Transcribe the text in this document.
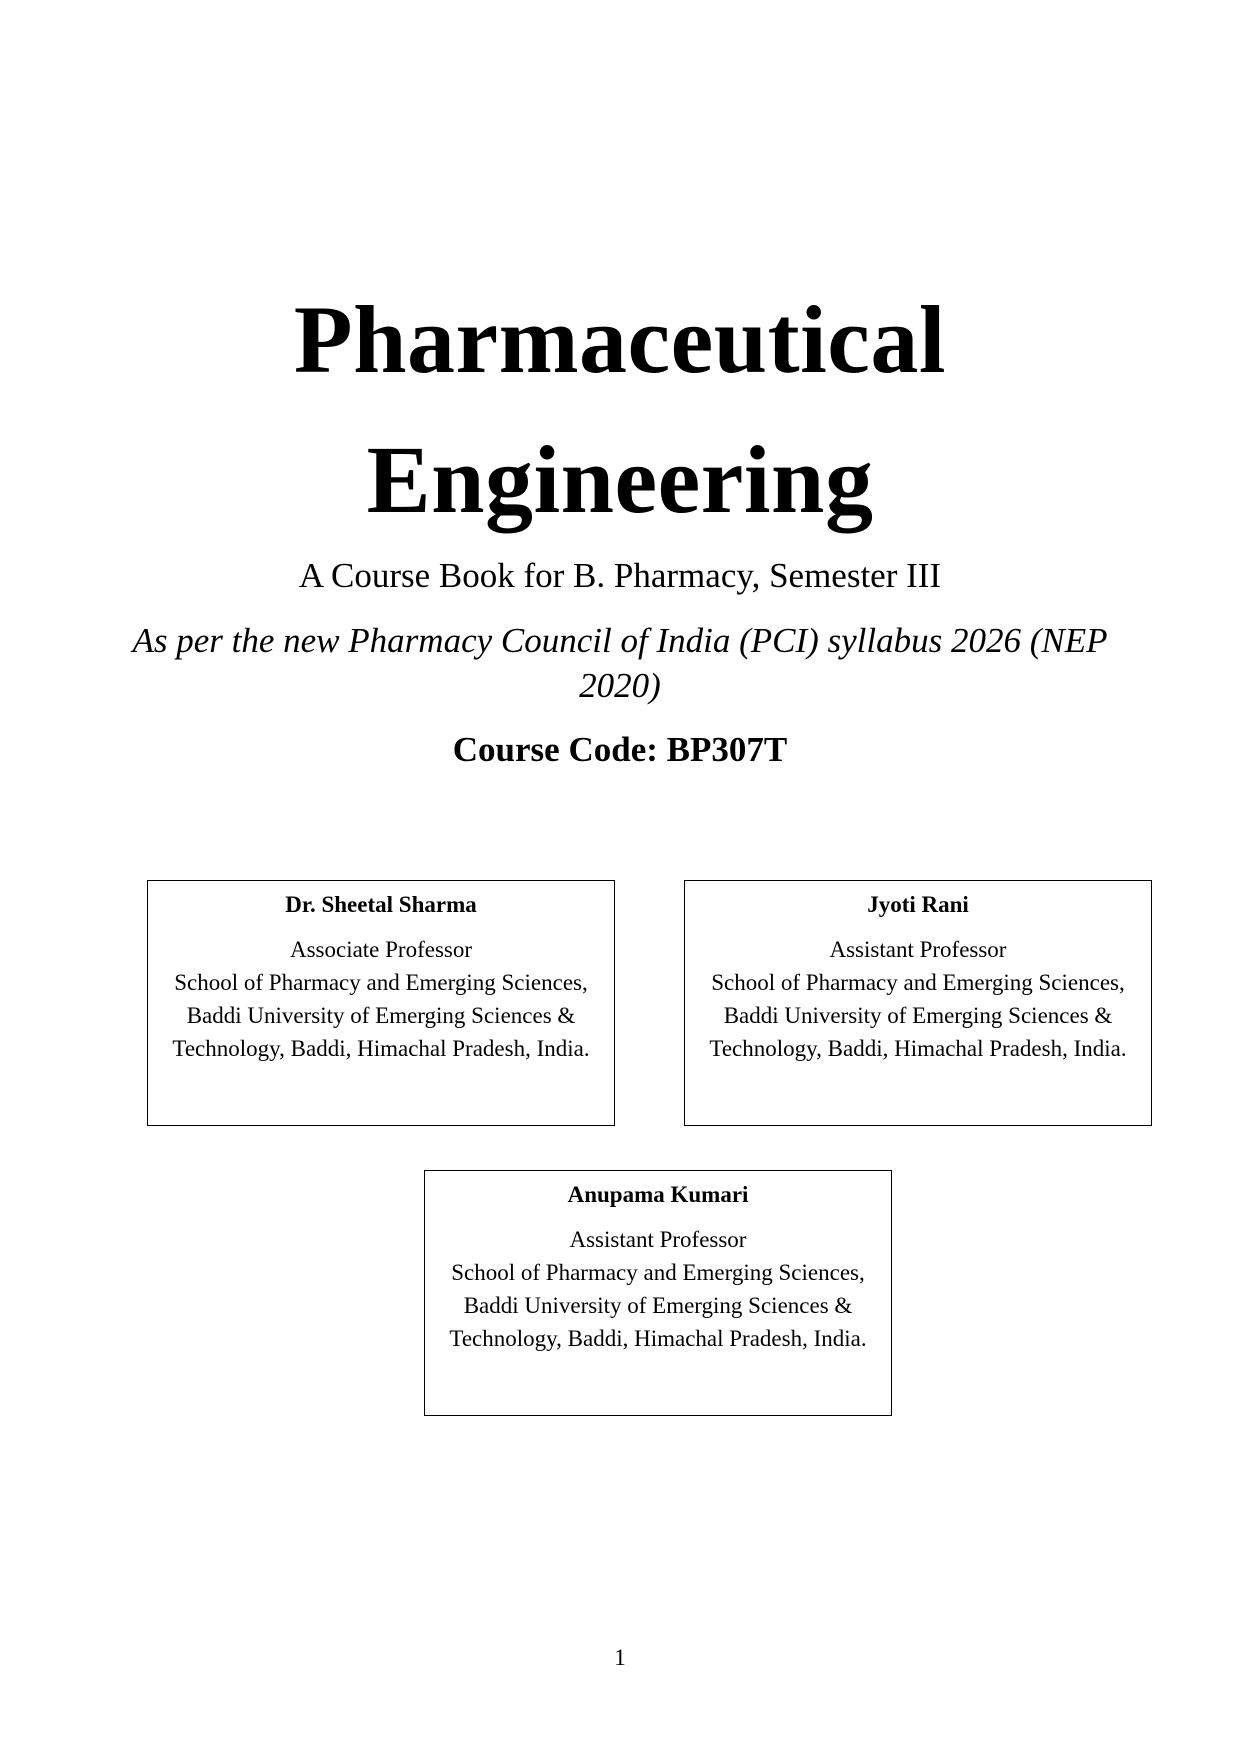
Pharmaceutical
Engineering
A Course Book for B. Pharmacy, Semester III
As per the new Pharmacy Council of India (PCI) syllabus 2026 (NEP 2020)
Course Code: BP307T
Dr. Sheetal Sharma
Associate Professor
School of Pharmacy and Emerging Sciences, Baddi University of Emerging Sciences & Technology, Baddi, Himachal Pradesh, India.
Jyoti Rani
Assistant Professor
School of Pharmacy and Emerging Sciences, Baddi University of Emerging Sciences & Technology, Baddi, Himachal Pradesh, India.
Anupama Kumari
Assistant Professor
School of Pharmacy and Emerging Sciences, Baddi University of Emerging Sciences & Technology, Baddi, Himachal Pradesh, India.
1
